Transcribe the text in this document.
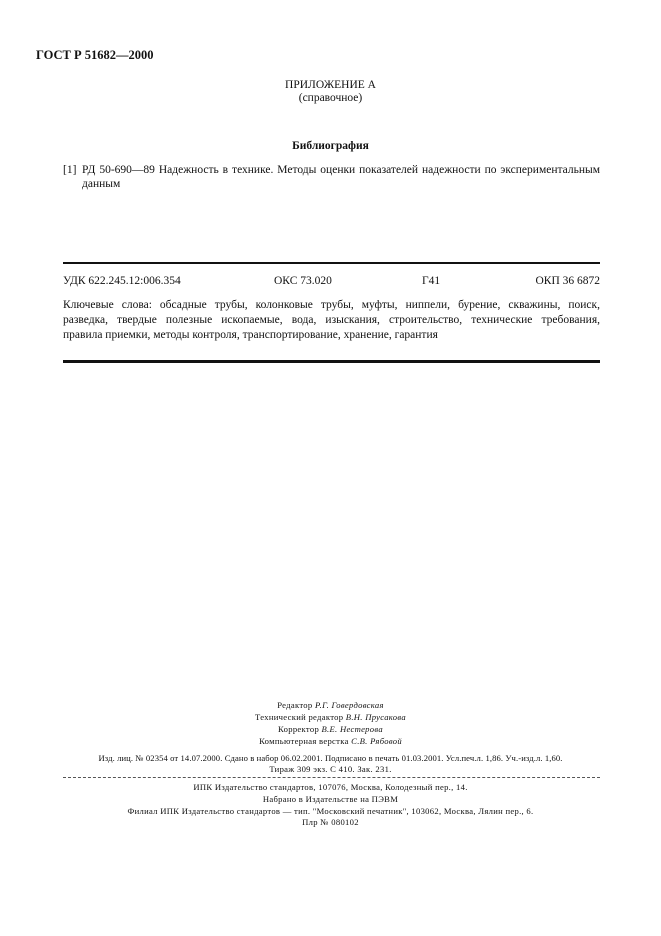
ГОСТ Р 51682—2000
ПРИЛОЖЕНИЕ А
(справочное)
Библиография
[1] РД 50-690—89 Надежность в технике. Методы оценки показателей надежности по экспериментальным
данным
УДК 622.245.12:006.354	ОКС 73.020	Г41	ОКП 36 6872
Ключевые слова: обсадные трубы, колонковые трубы, муфты, ниппели, бурение, скважины, поиск,
разведка, твердые полезные ископаемые, вода, изыскания, строительство, технические требования,
правила приемки, методы контроля, транспортирование, хранение, гарантия
Редактор Р.Г. Говердовская
Технический редактор В.Н. Прусакова
Корректор В.Е. Нестерова
Компьютерная верстка С.В. Рябовой
Изд. лиц. № 02354 от 14.07.2000. Сдано в набор 06.02.2001. Подписано в печать 01.03.2001. Усл.печ.л. 1,86. Уч.-изд.л. 1,60.
Тираж 309 экз. С 410. Зак. 231.
ИПК Издательство стандартов, 107076, Москва, Колодезный пер., 14.
Набрано в Издательстве на ПЭВМ
Филиал ИПК Издательство стандартов — тип. "Московский печатник", 103062, Москва, Лялин пер., 6.
Плр № 080102
